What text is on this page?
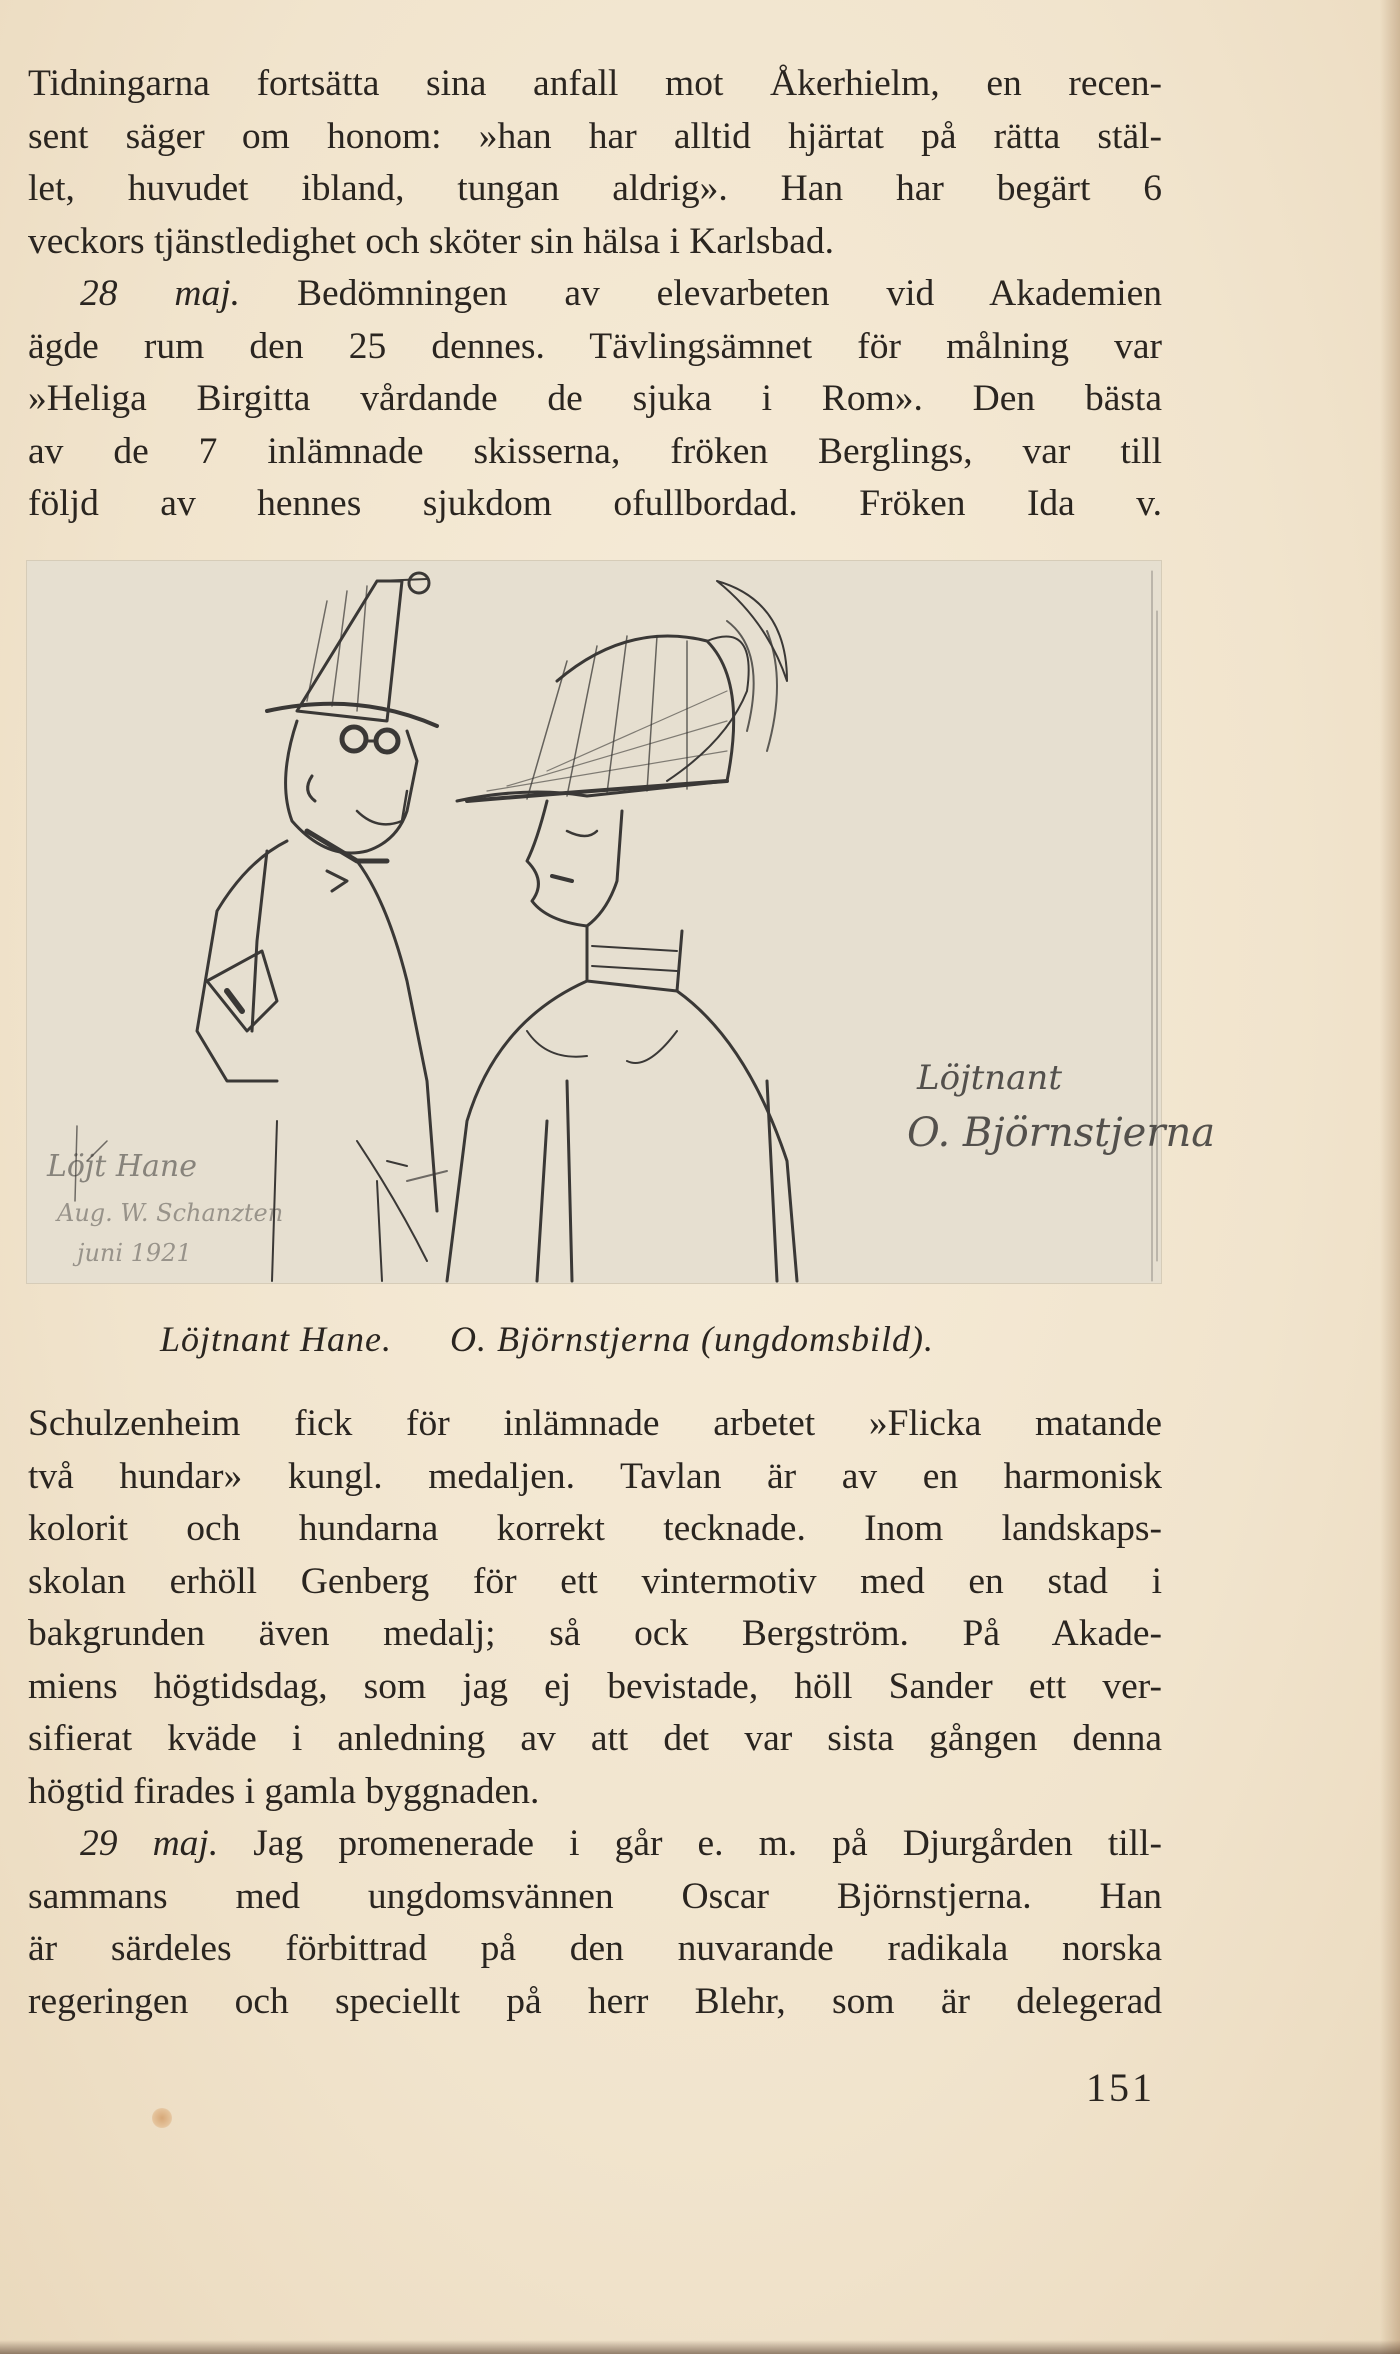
Tidningarna fortsätta sina anfall mot Åkerhielm, en recen-
sent säger om honom: »han har alltid hjärtat på rätta stäl-
let, huvudet ibland, tungan aldrig». Han har begärt 6
veckors tjänstledighet och sköter sin hälsa i Karlsbad.
28 maj. Bedömningen av elevarbeten vid Akademien
ägde rum den 25 dennes. Tävlingsämnet för målning var
»Heliga Birgitta vårdande de sjuka i Rom». Den bästa
av de 7 inlämnade skisserna, fröken Berglings, var till
följd av hennes sjukdom ofullbordad. Fröken Ida v.
Löjtnant
O. Björnstjerna
Löjt Hane
Aug. W. Schanzten
juni 1921
Löjtnant Hane. O. Björnstjerna (ungdomsbild).
Schulzenheim fick för inlämnade arbetet »Flicka matande
två hundar» kungl. medaljen. Tavlan är av en harmonisk
kolorit och hundarna korrekt tecknade. Inom landskaps-
skolan erhöll Genberg för ett vintermotiv med en stad i
bakgrunden även medalj; så ock Bergström. På Akade-
miens högtidsdag, som jag ej bevistade, höll Sander ett ver-
sifierat kväde i anledning av att det var sista gången denna
högtid firades i gamla byggnaden.
29 maj. Jag promenerade i går e. m. på Djurgården till-
sammans med ungdomsvännen Oscar Björnstjerna. Han
är särdeles förbittrad på den nuvarande radikala norska
regeringen och speciellt på herr Blehr, som är delegerad
151
